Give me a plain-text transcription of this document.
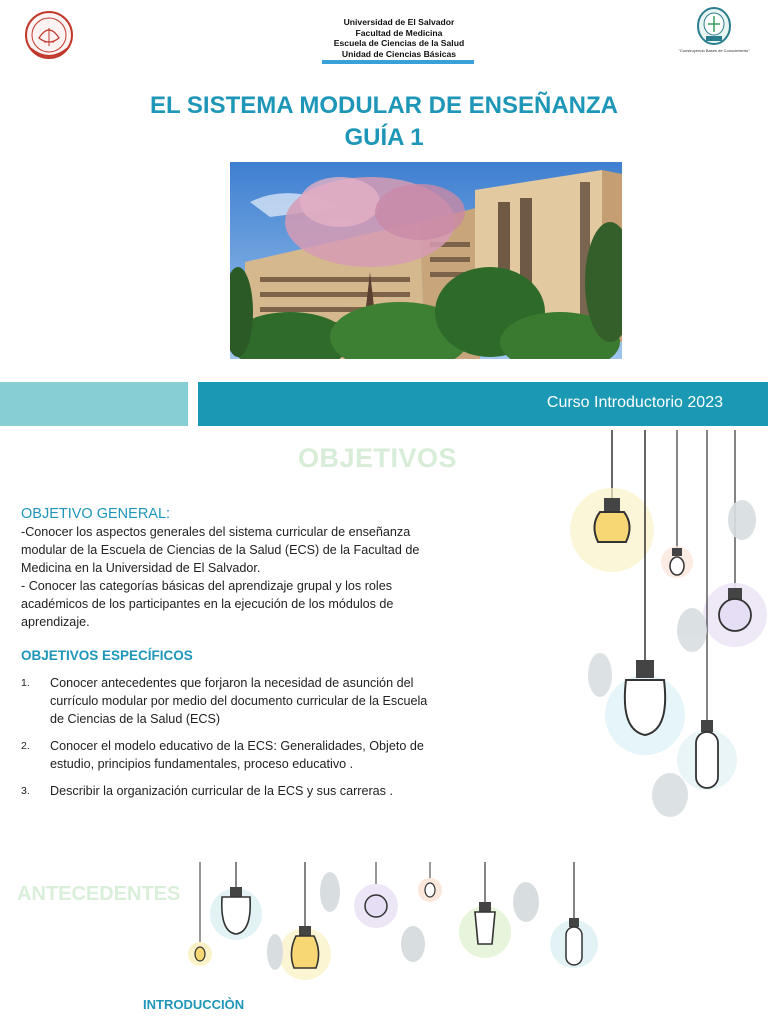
Universidad de El Salvador
Facultad de Medicina
Escuela de Ciencias de la Salud
Unidad de Ciencias Básicas	"Construyendo Bases de Conocimiento"
EL SISTEMA MODULAR DE ENSEÑANZA
GUÍA 1
Curso Introductorio 2023
OBJETIVOS
OBJETIVO GENERAL:
-Conocer los aspectos generales del sistema curricular de enseñanza modular de la Escuela de Ciencias de la Salud (ECS) de la Facultad de Medicina en la Universidad de El Salvador.
- Conocer las categorías básicas del aprendizaje grupal y los roles académicos de los participantes en la ejecución de los módulos de aprendizaje.
OBJETIVOS ESPECÍFICOS
1. Conocer antecedentes que forjaron la necesidad de asunción del currículo modular por medio del documento curricular de la Escuela de Ciencias de la Salud (ECS)
2. Conocer el modelo educativo de la ECS: Generalidades, Objeto de estudio, principios fundamentales, proceso educativo .
3. Describir la organización curricular de la ECS y sus carreras .
ANTECEDENTES
INTRODUCCIÒN
